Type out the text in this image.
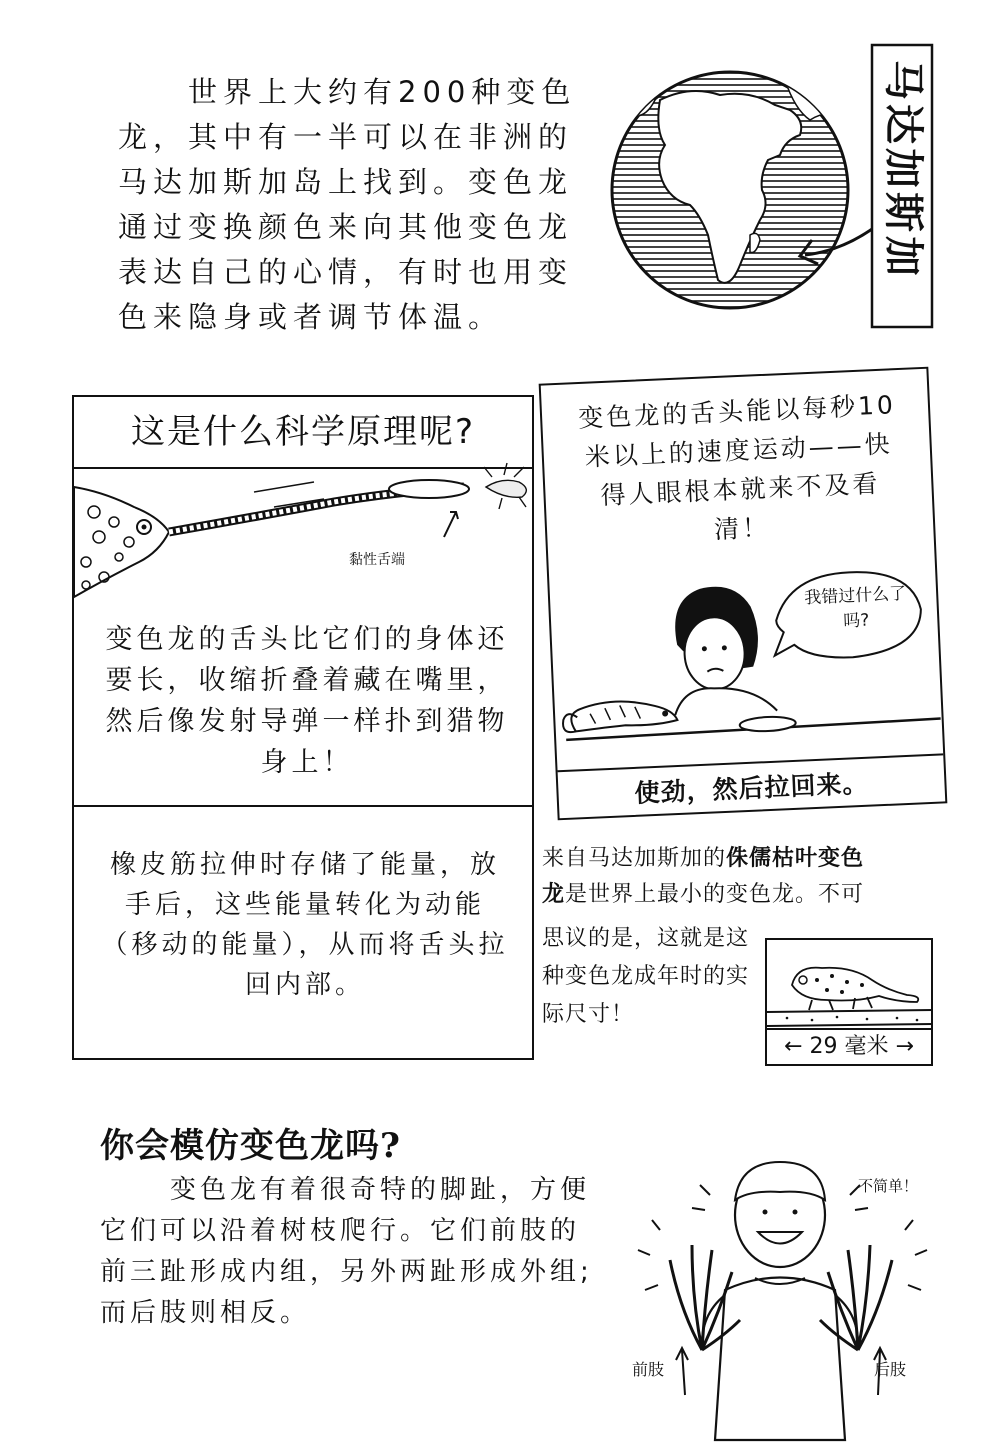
世界上大约有200种变色龙，其中有一半可以在非洲的马达加斯加岛上找到。变色龙通过变换颜色来向其他变色龙表达自己的心情，有时也用变色来隐身或者调节体温。

马达加斯加
这是什么科学原理呢?
黏性舌端

变色龙的舌头比它们的身体还要长，收缩折叠着藏在嘴里，然后像发射导弹一样扑到猎物身上！

橡皮筋拉伸时存储了能量，放手后，这些能量转化为动能（移动的能量），从而将舌头拉回内部。

变色龙的舌头能以每秒10米以上的速度运动——快得人眼根本就来不及看清！

我错过什么了吗?

使劲，然后拉回来。

来自马达加斯加的侏儒枯叶变色

龙是世界上最小的变色龙。不可

思议的是，这就是这种变色龙成年时的实际尺寸！

← 29 毫米 →
你会模仿变色龙吗?

变色龙有着很奇特的脚趾，方便它们可以沿着树枝爬行。它们前肢的前三趾形成内组，另外两趾形成外组;而后肢则相反。

不简单！
前肢	后肢
